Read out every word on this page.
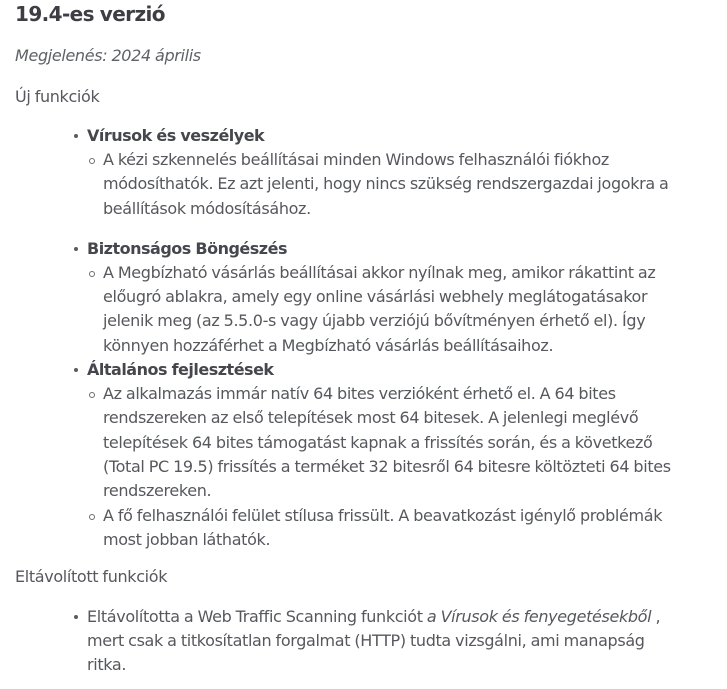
19.4-es verzió

Megjelenés: 2024 április

Új funkciók

Vírusok és veszélyek
A kézi szkennelés beállításai minden Windows felhasználói fiókhoz módosíthatók. Ez azt jelenti, hogy nincs szükség rendszergazdai jogokra a beállítások módosításához.
Biztonságos Böngészés
A Megbízható vásárlás beállításai akkor nyílnak meg, amikor rákattint az előugró ablakra, amely egy online vásárlási webhely meglátogatásakor jelenik meg (az 5.5.0-s vagy újabb verziójú bővítményen érhető el). Így könnyen hozzáférhet a Megbízható vásárlás beállításaihoz.
Általános fejlesztések
Az alkalmazás immár natív 64 bites verzióként érhető el. A 64 bites rendszereken az első telepítések most 64 bitesek. A jelenlegi meglévő telepítések 64 bites támogatást kapnak a frissítés során, és a következő (Total PC 19.5) frissítés a terméket 32 bitesről 64 bitesre költözteti 64 bites rendszereken.
A fő felhasználói felület stílusa frissült. A beavatkozást igénylő problémák most jobban láthatók.

Eltávolított funkciók

Eltávolította a Web Traffic Scanning funkciót a Vírusok és fenyegetésekből , mert csak a titkosítatlan forgalmat (HTTP) tudta vizsgálni, ami manapság ritka.
